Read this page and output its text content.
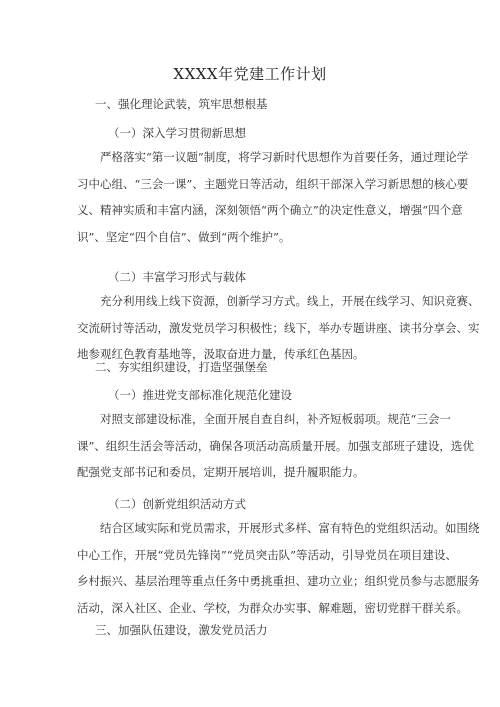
XXXX年党建工作计划
一、强化理论武装，筑牢思想根基
（一）深入学习贯彻新思想
严格落实“第一议题”制度，将学习新时代思想作为首要任务，通过理论学
习中心组、“三会一课”、主题党日等活动，组织干部深入学习新思想的核心要
义、精神实质和丰富内涵，深刻领悟“两个确立”的决定性意义，增强“四个意
识”、坚定“四个自信”、做到“两个维护”。
（二）丰富学习形式与载体
充分利用线上线下资源，创新学习方式。线上，开展在线学习、知识竞赛、
交流研讨等活动，激发党员学习积极性；线下，举办专题讲座、读书分享会、实
地参观红色教育基地等，汲取奋进力量，传承红色基因。
二、夯实组织建设，打造坚强堡垒
（一）推进党支部标准化规范化建设
对照支部建设标准，全面开展自查自纠，补齐短板弱项。规范“三会一
课”、组织生活会等活动，确保各项活动高质量开展。加强支部班子建设，选优
配强党支部书记和委员，定期开展培训，提升履职能力。
（二）创新党组织活动方式
结合区域实际和党员需求，开展形式多样、富有特色的党组织活动。如围绕
中心工作，开展“党员先锋岗”“党员突击队”等活动，引导党员在项目建设、
乡村振兴、基层治理等重点任务中勇挑重担、建功立业；组织党员参与志愿服务
活动，深入社区、企业、学校，为群众办实事、解难题，密切党群干群关系。
三、加强队伍建设，激发党员活力
